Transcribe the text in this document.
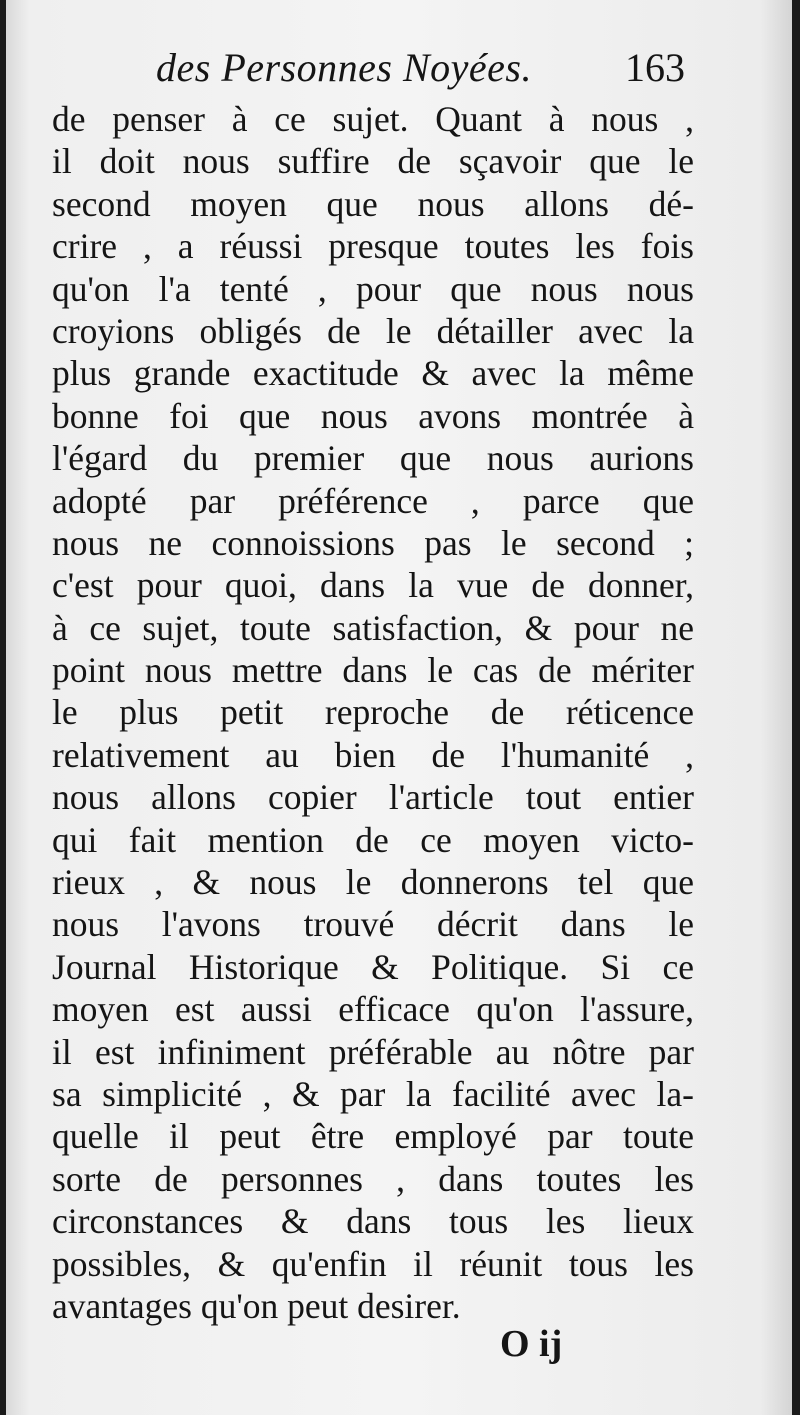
des Personnes Noyées. 163
de penser à ce sujet. Quant à nous ,
il doit nous suffire de sçavoir que le
second moyen que nous allons dé-
crire , a réussi presque toutes les fois
qu'on l'a tenté , pour que nous nous
croyions obligés de le détailler avec la
plus grande exactitude & avec la même
bonne foi que nous avons montrée à
l'égard du premier que nous aurions
adopté par préférence , parce que
nous ne connoissions pas le second ;
c'est pour quoi, dans la vue de donner,
à ce sujet, toute satisfaction, & pour ne
point nous mettre dans le cas de mériter
le plus petit reproche de réticence
relativement au bien de l'humanité ,
nous allons copier l'article tout entier
qui fait mention de ce moyen victo-
rieux , & nous le donnerons tel que
nous l'avons trouvé décrit dans le
Journal Historique & Politique. Si ce
moyen est aussi efficace qu'on l'assure,
il est infiniment préférable au nôtre par
sa simplicité , & par la facilité avec la-
quelle il peut être employé par toute
sorte de personnes , dans toutes les
circonstances & dans tous les lieux
possibles, & qu'enfin il réunit tous les
avantages qu'on peut desirer.
O ij
